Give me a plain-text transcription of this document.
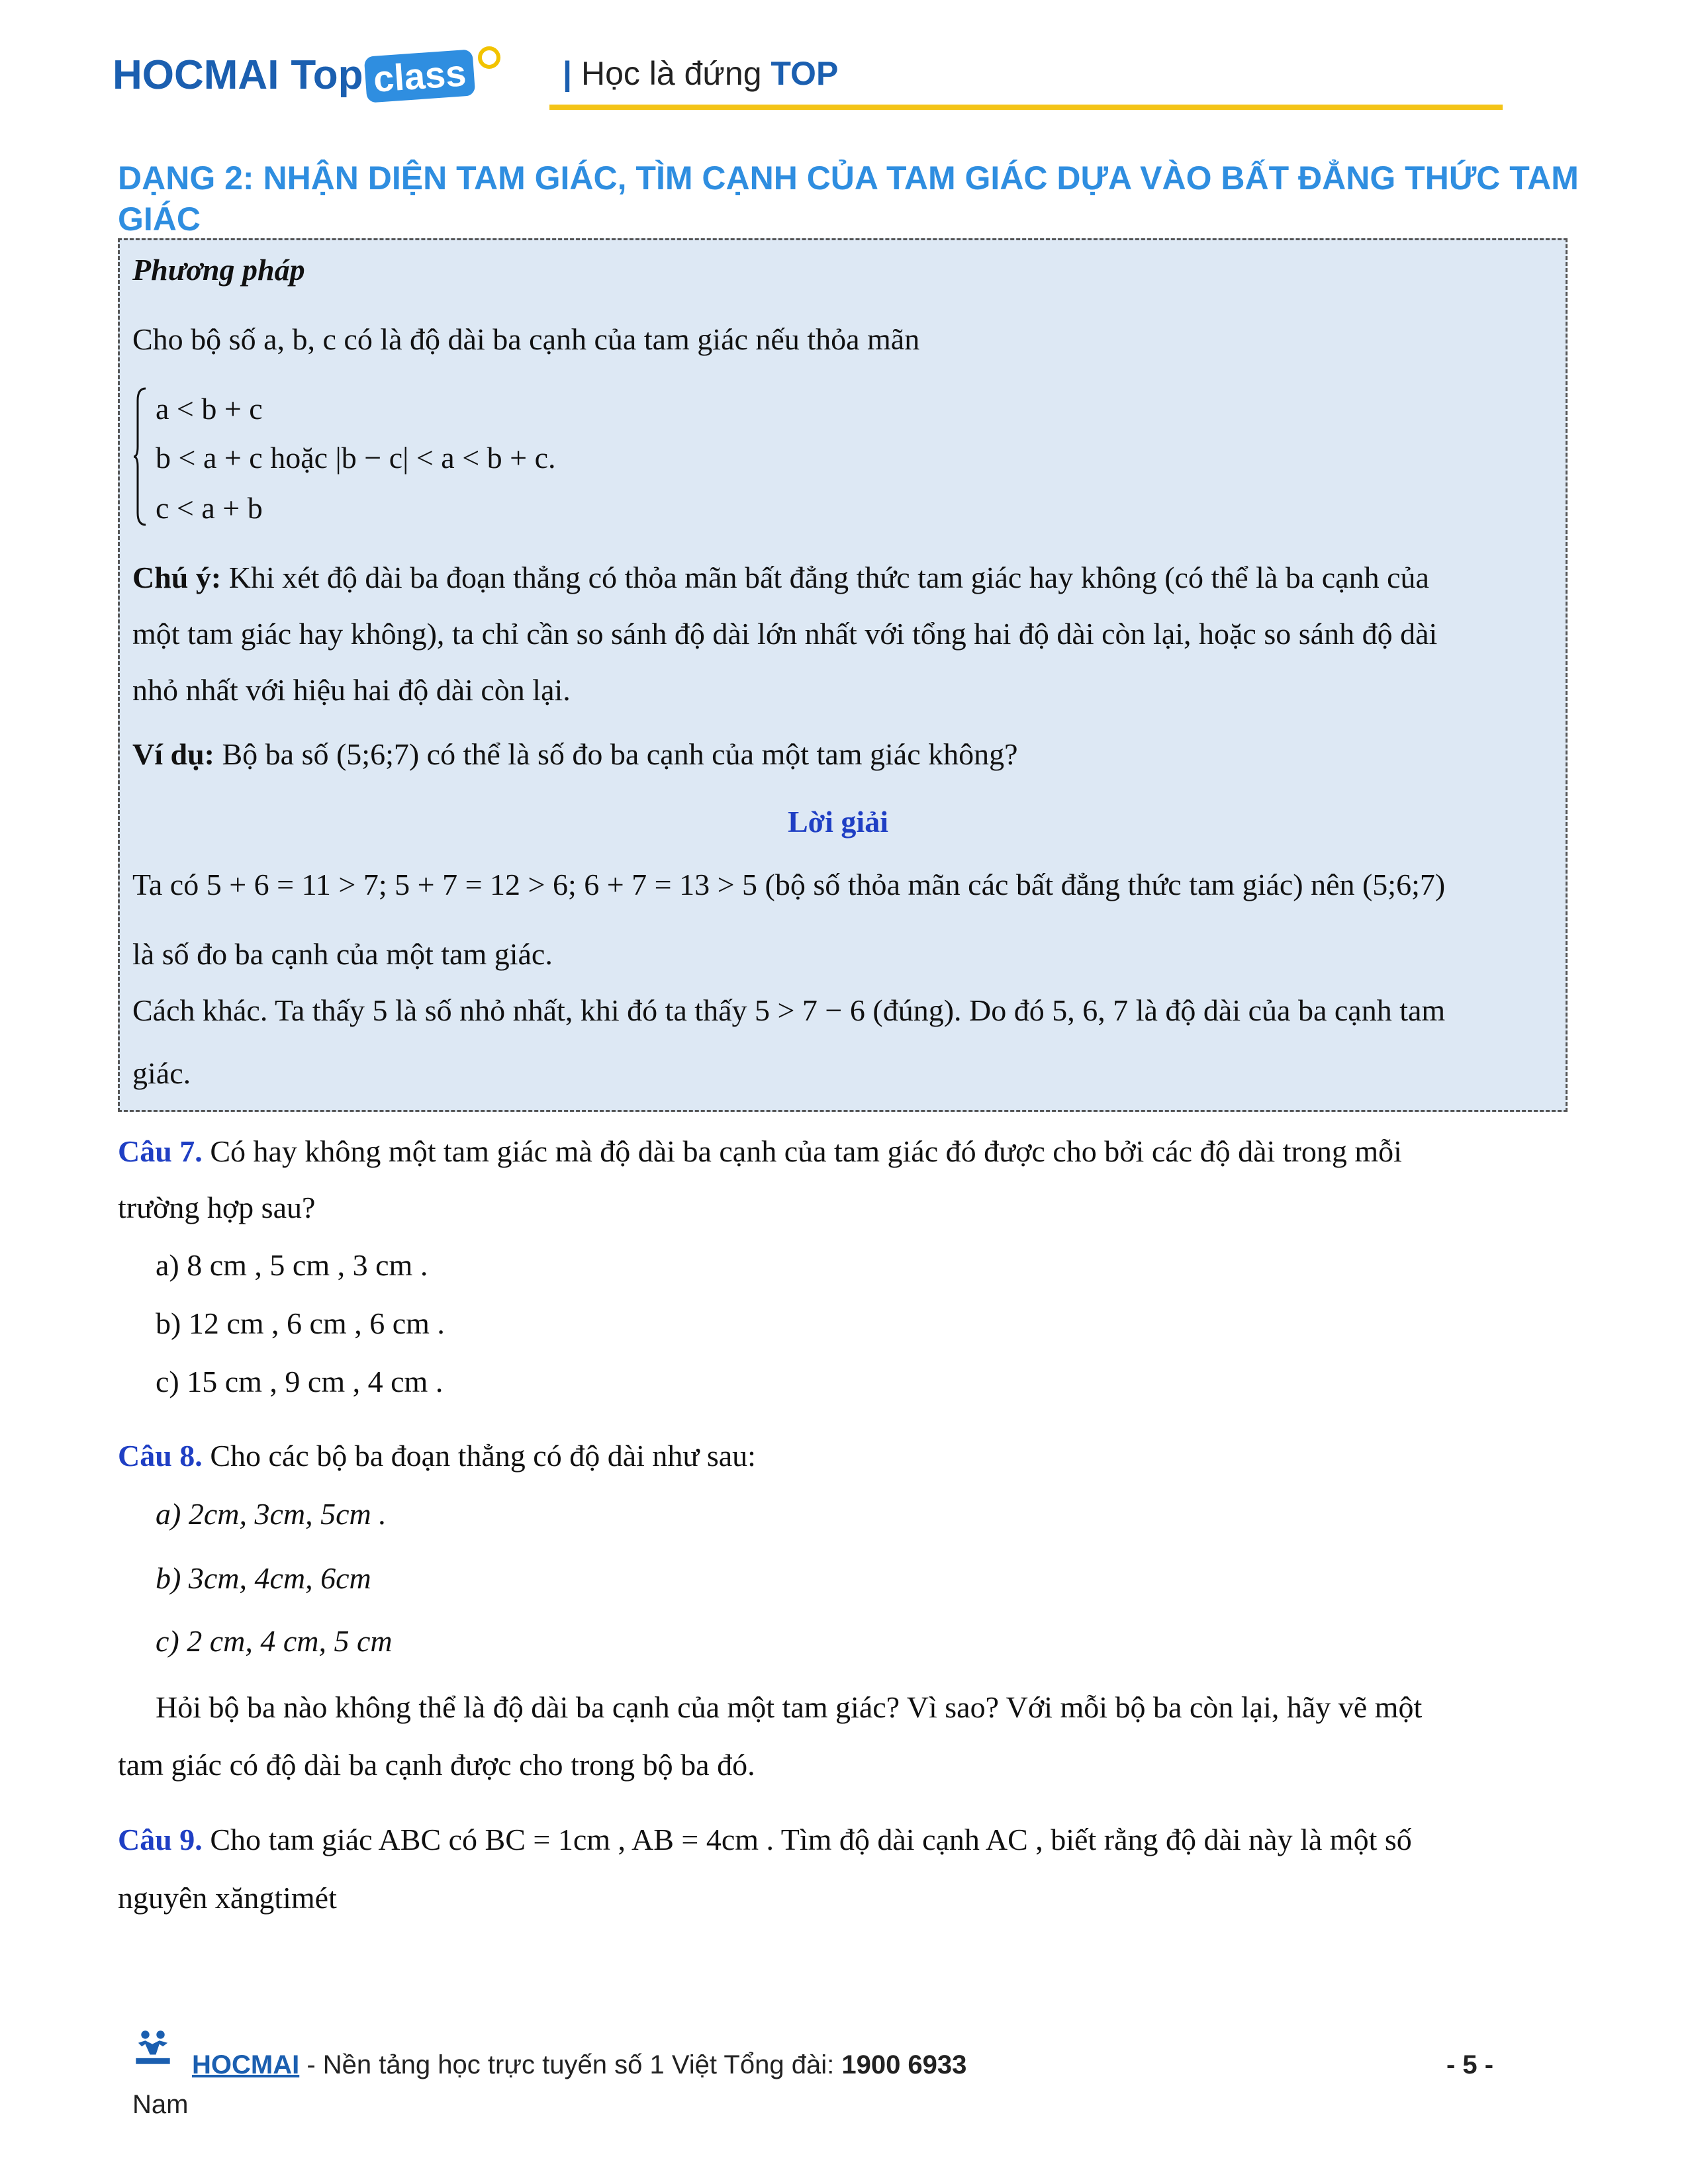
HOCMAI Top class	| Học là đứng TOP
DẠNG 2: NHẬN DIỆN TAM GIÁC, TÌM CẠNH CỦA TAM GIÁC DỰA VÀO BẤT ĐẲNG THỨC TAM
GIÁC
Phương pháp
Cho bộ số a, b, c có là độ dài ba cạnh của tam giác nếu thỏa mãn
a < b + c
b < a + c hoặc |b − c| < a < b + c.
c < a + b
Chú ý: Khi xét độ dài ba đoạn thẳng có thỏa mãn bất đẳng thức tam giác hay không (có thể là ba cạnh của
một tam giác hay không), ta chỉ cần so sánh độ dài lớn nhất với tổng hai độ dài còn lại, hoặc so sánh độ dài
nhỏ nhất với hiệu hai độ dài còn lại.
Ví dụ: Bộ ba số (5;6;7) có thể là số đo ba cạnh của một tam giác không?
Lời giải
Ta có 5 + 6 = 11 > 7; 5 + 7 = 12 > 6; 6 + 7 = 13 > 5 (bộ số thỏa mãn các bất đẳng thức tam giác) nên (5;6;7)
là số đo ba cạnh của một tam giác.
Cách khác. Ta thấy 5 là số nhỏ nhất, khi đó ta thấy 5 > 7 − 6 (đúng). Do đó 5, 6, 7 là độ dài của ba cạnh tam
giác.
Câu 7. Có hay không một tam giác mà độ dài ba cạnh của tam giác đó được cho bởi các độ dài trong mỗi
trường hợp sau?
a) 8 cm , 5 cm , 3 cm .
b) 12 cm , 6 cm , 6 cm .
c) 15 cm , 9 cm , 4 cm .
Câu 8. Cho các bộ ba đoạn thẳng có độ dài như sau:
a) 2cm, 3cm, 5cm .
b) 3cm, 4cm, 6cm
c) 2 cm, 4 cm, 5 cm
Hỏi bộ ba nào không thể là độ dài ba cạnh của một tam giác? Vì sao? Với mỗi bộ ba còn lại, hãy vẽ một
tam giác có độ dài ba cạnh được cho trong bộ ba đó.
Câu 9. Cho tam giác ABC có BC = 1cm , AB = 4cm . Tìm độ dài cạnh AC , biết rằng độ dài này là một số
nguyên xăngtimét
HOCMAI - Nền tảng học trực tuyến số 1 Việt Tổng đài: 1900 6933	- 5 -
Nam
